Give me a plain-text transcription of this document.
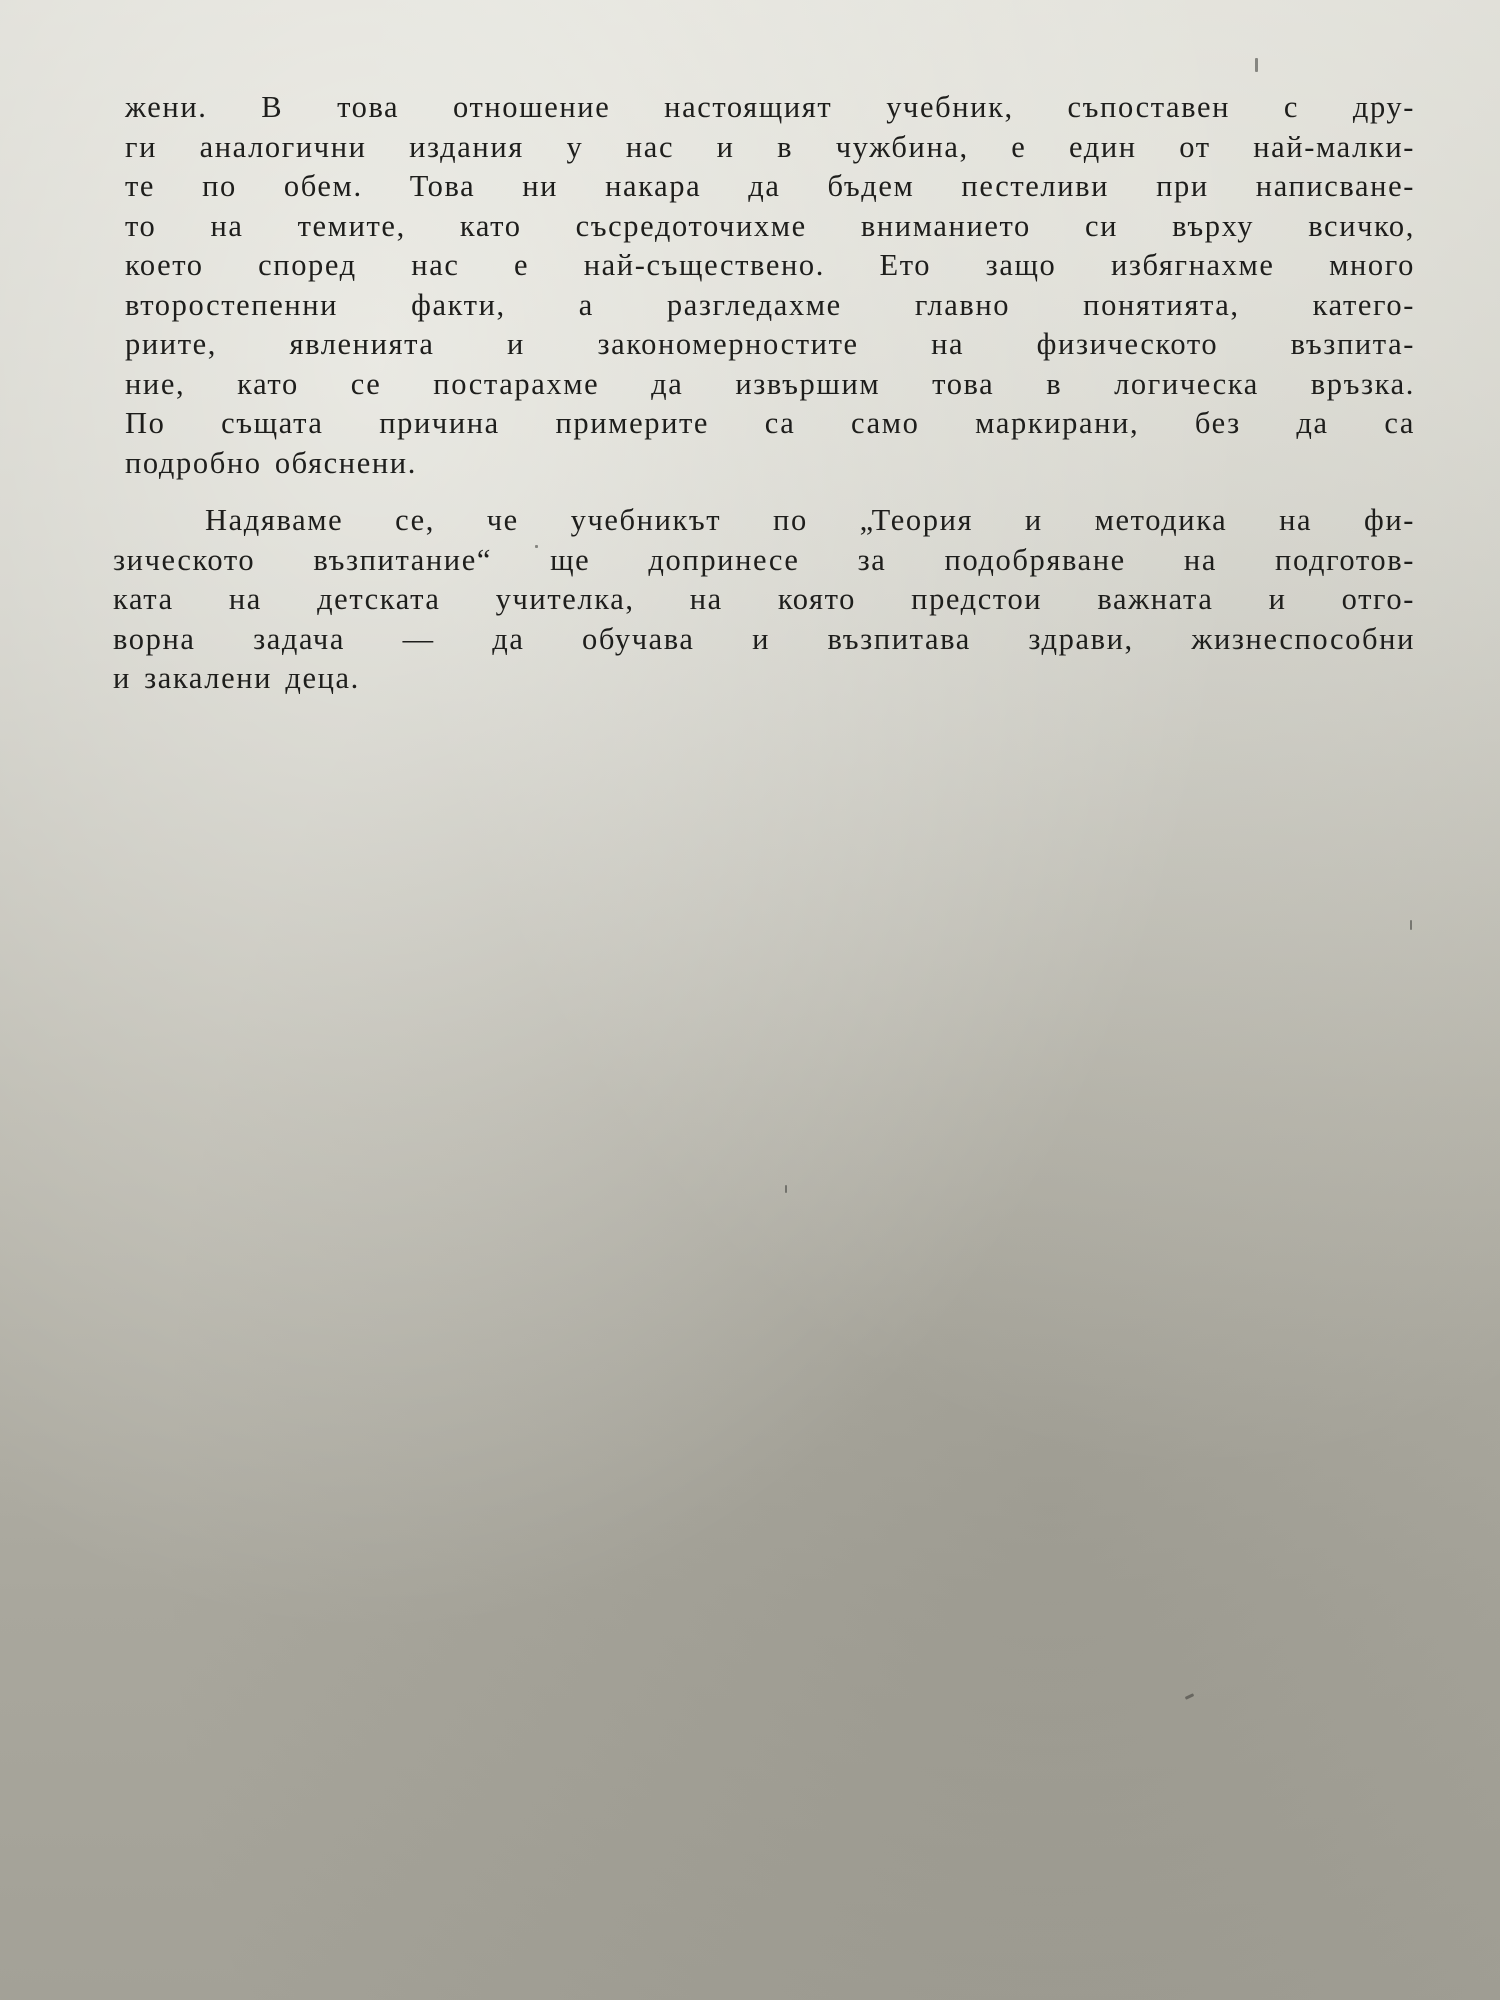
жени. В това отношение настоящият учебник, съпоставен с дру-
ги аналогични издания у нас и в чужбина, е един от най-малки-
те по обем. Това ни накара да бъдем пестеливи при написване-
то на темите, като съсредоточихме вниманието си върху всичко,
което според нас е най-съществено. Ето защо избягнахме много
второстепенни факти, а разгледахме главно понятията, катего-
риите, явленията и закономерностите на физическото възпита-
ние, като се постарахме да извършим това в логическа връзка.
По същата причина примерите са само маркирани, без да са
подробно обяснени.
Надяваме се, че учебникът по „Теория и методика на фи-
зическото възпитание“ ще допринесе за подобряване на подготов-
ката на детската учителка, на която предстои важната и отго-
ворна задача — да обучава и възпитава здрави, жизнеспособни
и закалени деца.
